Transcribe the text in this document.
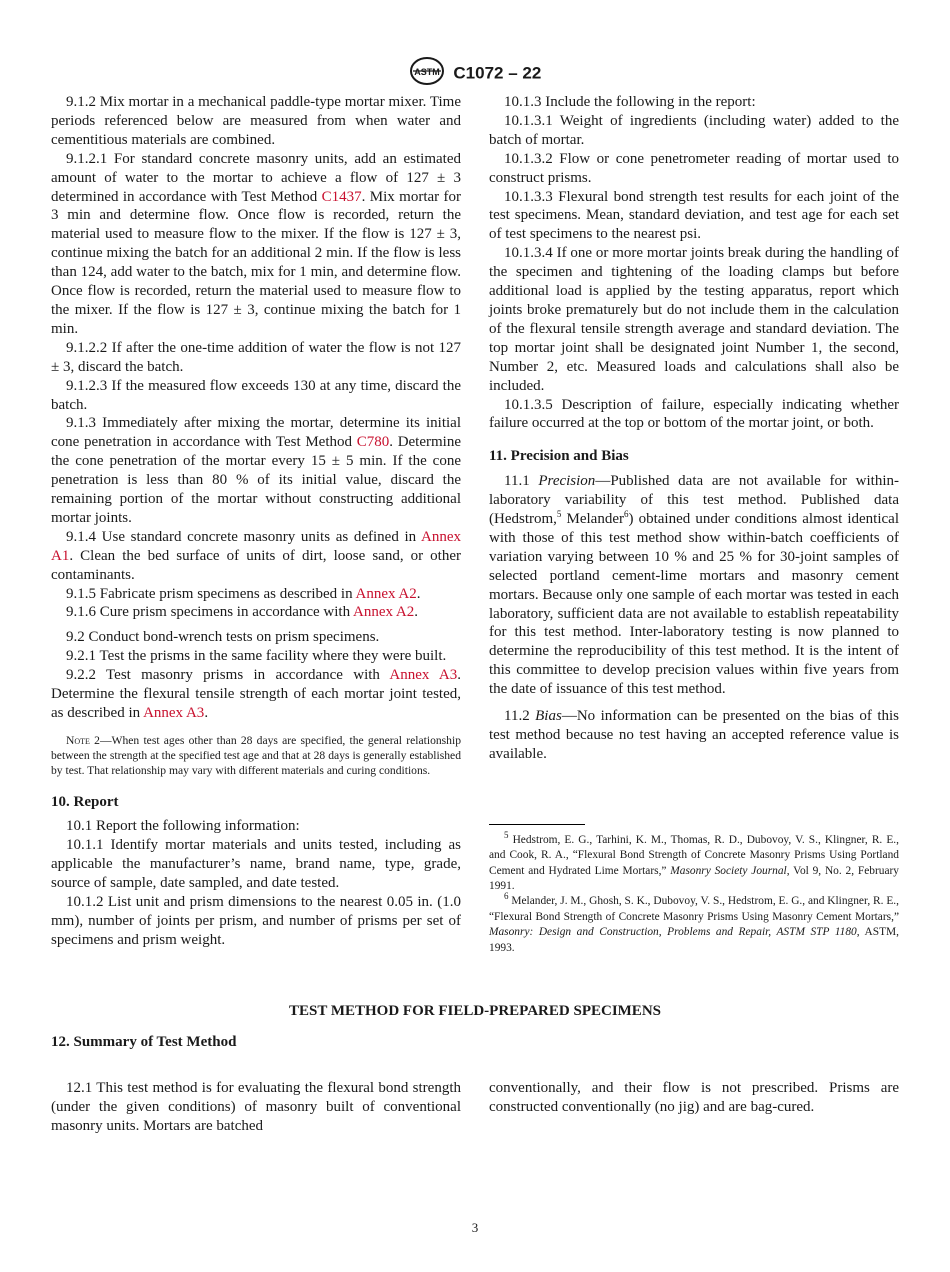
ASTM C1072 – 22

9.1.2 Mix mortar in a mechanical paddle-type mortar mixer. Time periods referenced below are measured from when water and cementitious materials are combined.

9.1.2.1 For standard concrete masonry units, add an estimated amount of water to the mortar to achieve a flow of 127 ± 3 determined in accordance with Test Method C1437. Mix mortar for 3 min and determine flow. Once flow is recorded, return the material used to measure flow to the mixer. If the flow is 127 ± 3, continue mixing the batch for an additional 2 min. If the flow is less than 124, add water to the batch, mix for 1 min, and determine flow. Once flow is recorded, return the material used to measure flow to the mixer. If the flow is 127 ± 3, continue mixing the batch for 1 min.

9.1.2.2 If after the one-time addition of water the flow is not 127 ± 3, discard the batch.

9.1.2.3 If the measured flow exceeds 130 at any time, discard the batch.

9.1.3 Immediately after mixing the mortar, determine its initial cone penetration in accordance with Test Method C780. Determine the cone penetration of the mortar every 15 ± 5 min. If the cone penetration is less than 80 % of its initial value, discard the remaining portion of the mortar without constructing additional mortar joints.

9.1.4 Use standard concrete masonry units as defined in Annex A1. Clean the bed surface of units of dirt, loose sand, or other contaminants.

9.1.5 Fabricate prism specimens as described in Annex A2.

9.1.6 Cure prism specimens in accordance with Annex A2.

9.2 Conduct bond-wrench tests on prism specimens.

9.2.1 Test the prisms in the same facility where they were built.

9.2.2 Test masonry prisms in accordance with Annex A3. Determine the flexural tensile strength of each mortar joint tested, as described in Annex A3.

Note 2—When test ages other than 28 days are specified, the general relationship between the strength at the specified test age and that at 28 days is generally established by test. That relationship may vary with different materials and curing conditions.

10. Report

10.1 Report the following information:

10.1.1 Identify mortar materials and units tested, including as applicable the manufacturer’s name, brand name, type, grade, source of sample, date sampled, and date tested.

10.1.2 List unit and prism dimensions to the nearest 0.05 in. (1.0 mm), number of joints per prism, and number of prisms per set of specimens and prism weight.

10.1.3 Include the following in the report:

10.1.3.1 Weight of ingredients (including water) added to the batch of mortar.

10.1.3.2 Flow or cone penetrometer reading of mortar used to construct prisms.

10.1.3.3 Flexural bond strength test results for each joint of the test specimens. Mean, standard deviation, and test age for each set of test specimens to the nearest psi.

10.1.3.4 If one or more mortar joints break during the handling of the specimen and tightening of the loading clamps but before additional load is applied by the testing apparatus, report which joints broke prematurely but do not include them in the calculation of the flexural tensile strength average and standard deviation. The top mortar joint shall be designated joint Number 1, the second, Number 2, etc. Measured loads and calculations shall also be included.

10.1.3.5 Description of failure, especially indicating whether failure occurred at the top or bottom of the mortar joint, or both.

11. Precision and Bias

11.1 Precision—Published data are not available for within-laboratory variability of this test method. Published data (Hedstrom,$^5$ Melander$^6$) obtained under conditions almost identical with those of this test method show within-batch coefficients of variation varying between 10 % and 25 % for 30-joint samples of selected portland cement-lime mortars and masonry cement mortars. Because only one sample of each mortar was tested in each laboratory, sufficient data are not available to establish repeatability for this test method. Inter-laboratory testing is now planned to determine the reproducibility of this test method. It is the intent of this committee to develop precision values within five years from the date of issuance of this test method.

11.2 Bias—No information can be presented on the bias of this test method because no test having an accepted reference value is available.

$^5$ Hedstrom, E. G., Tarhini, K. M., Thomas, R. D., Dubovoy, V. S., Klingner, R. E., and Cook, R. A., “Flexural Bond Strength of Concrete Masonry Prisms Using Portland Cement and Hydrated Lime Mortars,” Masonry Society Journal, Vol 9, No. 2, February 1991.

$^6$ Melander, J. M., Ghosh, S. K., Dubovoy, V. S., Hedstrom, E. G., and Klingner, R. E., “Flexural Bond Strength of Concrete Masonry Prisms Using Masonry Cement Mortars,” Masonry: Design and Construction, Problems and Repair, ASTM STP 1180, ASTM, 1993.

TEST METHOD FOR FIELD-PREPARED SPECIMENS
12. Summary of Test Method
12.1 This test method is for evaluating the flexural bond strength (under the given conditions) of masonry built of conventional masonry units. Mortars are batched
conventionally, and their flow is not prescribed. Prisms are constructed conventionally (no jig) and are bag-cured.
3
